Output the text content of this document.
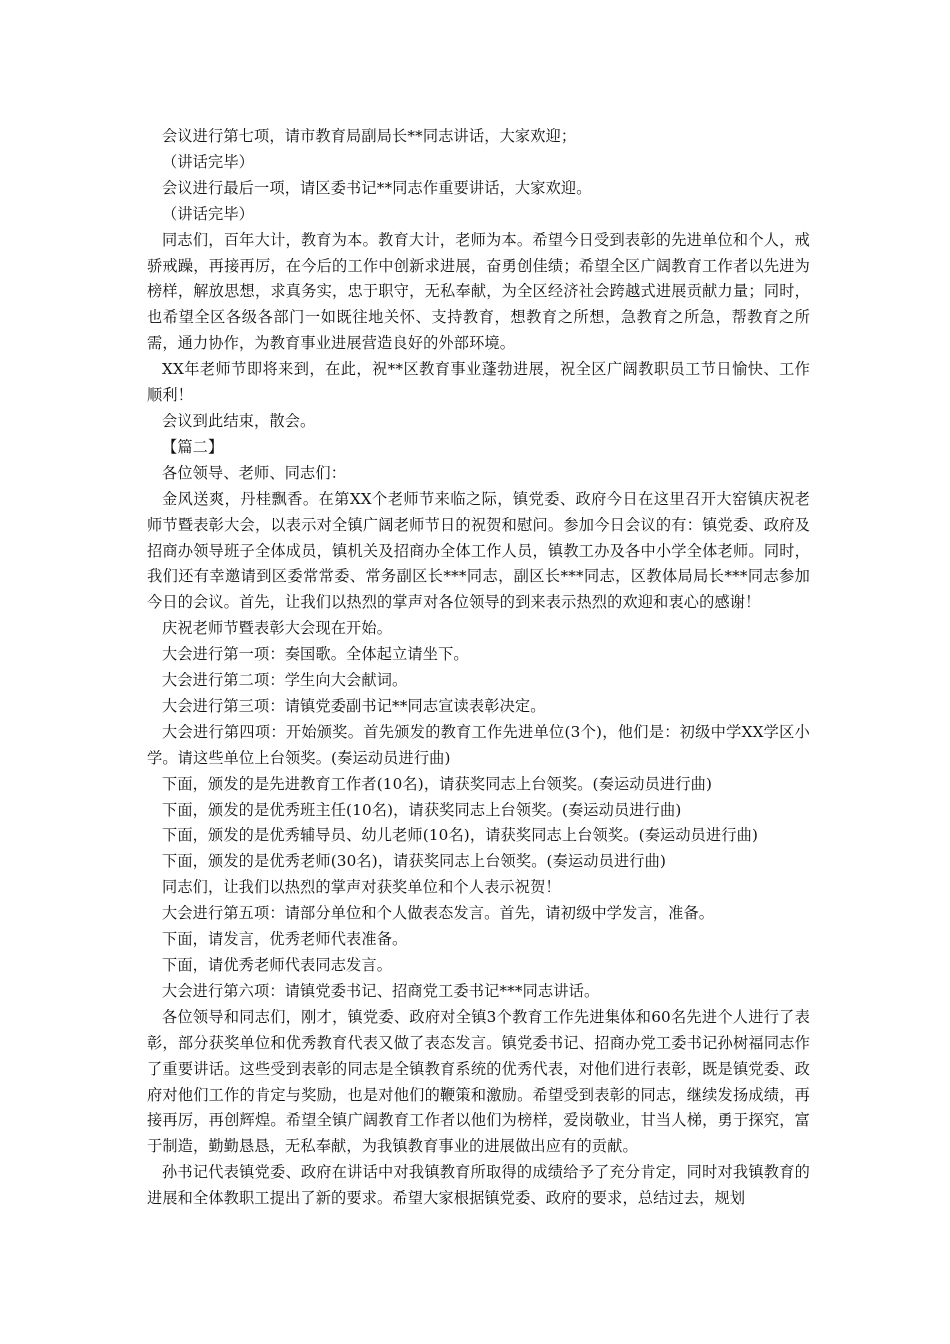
会议进行第七项，请市教育局副局长**同志讲话，大家欢迎；

（讲话完毕）

会议进行最后一项，请区委书记**同志作重要讲话，大家欢迎。

（讲话完毕）

同志们，百年大计，教育为本。教育大计，老师为本。希望今日受到表彰的先进单位和个人，戒骄戒躁，再接再厉，在今后的工作中创新求进展，奋勇创佳绩；希望全区广阔教育工作者以先进为榜样，解放思想，求真务实，忠于职守，无私奉献，为全区经济社会跨越式进展贡献力量；同时，也希望全区各级各部门一如既往地关怀、支持教育，想教育之所想，急教育之所急，帮教育之所需，通力协作，为教育事业进展营造良好的外部环境。

XX年老师节即将来到，在此，祝**区教育事业蓬勃进展，祝全区广阔教职员工节日愉快、工作顺利！

会议到此结束，散会。

【篇二】

各位领导、老师、同志们：

金风送爽，丹桂飘香。在第XX个老师节来临之际，镇党委、政府今日在这里召开大窑镇庆祝老师节暨表彰大会，以表示对全镇广阔老师节日的祝贺和慰问。参加今日会议的有：镇党委、政府及招商办领导班子全体成员，镇机关及招商办全体工作人员，镇教工办及各中小学全体老师。同时，我们还有幸邀请到区委常常委、常务副区长***同志，副区长***同志，区教体局局长***同志参加今日的会议。首先，让我们以热烈的掌声对各位领导的到来表示热烈的欢迎和衷心的感谢！

庆祝老师节暨表彰大会现在开始。

大会进行第一项：奏国歌。全体起立请坐下。

大会进行第二项：学生向大会献词。

大会进行第三项：请镇党委副书记**同志宣读表彰决定。

大会进行第四项：开始颁奖。首先颁发的教育工作先进单位(3个)，他们是：初级中学XX学区小学。请这些单位上台领奖。(奏运动员进行曲)

下面，颁发的是先进教育工作者(10名)，请获奖同志上台领奖。(奏运动员进行曲)

下面，颁发的是优秀班主任(10名)，请获奖同志上台领奖。(奏运动员进行曲)

下面，颁发的是优秀辅导员、幼儿老师(10名)，请获奖同志上台领奖。(奏运动员进行曲)

下面，颁发的是优秀老师(30名)，请获奖同志上台领奖。(奏运动员进行曲)

同志们，让我们以热烈的掌声对获奖单位和个人表示祝贺！

大会进行第五项：请部分单位和个人做表态发言。首先，请初级中学发言，准备。

下面，请发言，优秀老师代表准备。

下面，请优秀老师代表同志发言。

大会进行第六项：请镇党委书记、招商党工委书记***同志讲话。

各位领导和同志们，刚才，镇党委、政府对全镇3个教育工作先进集体和60名先进个人进行了表彰，部分获奖单位和优秀教育代表又做了表态发言。镇党委书记、招商办党工委书记孙树福同志作了重要讲话。这些受到表彰的同志是全镇教育系统的优秀代表，对他们进行表彰，既是镇党委、政府对他们工作的肯定与奖励，也是对他们的鞭策和激励。希望受到表彰的同志，继续发扬成绩，再接再厉，再创辉煌。希望全镇广阔教育工作者以他们为榜样，爱岗敬业，甘当人梯，勇于探究，富于制造，勤勤恳恳，无私奉献，为我镇教育事业的进展做出应有的贡献。

孙书记代表镇党委、政府在讲话中对我镇教育所取得的成绩给予了充分肯定，同时对我镇教育的进展和全体教职工提出了新的要求。希望大家根据镇党委、政府的要求，总结过去，规划
